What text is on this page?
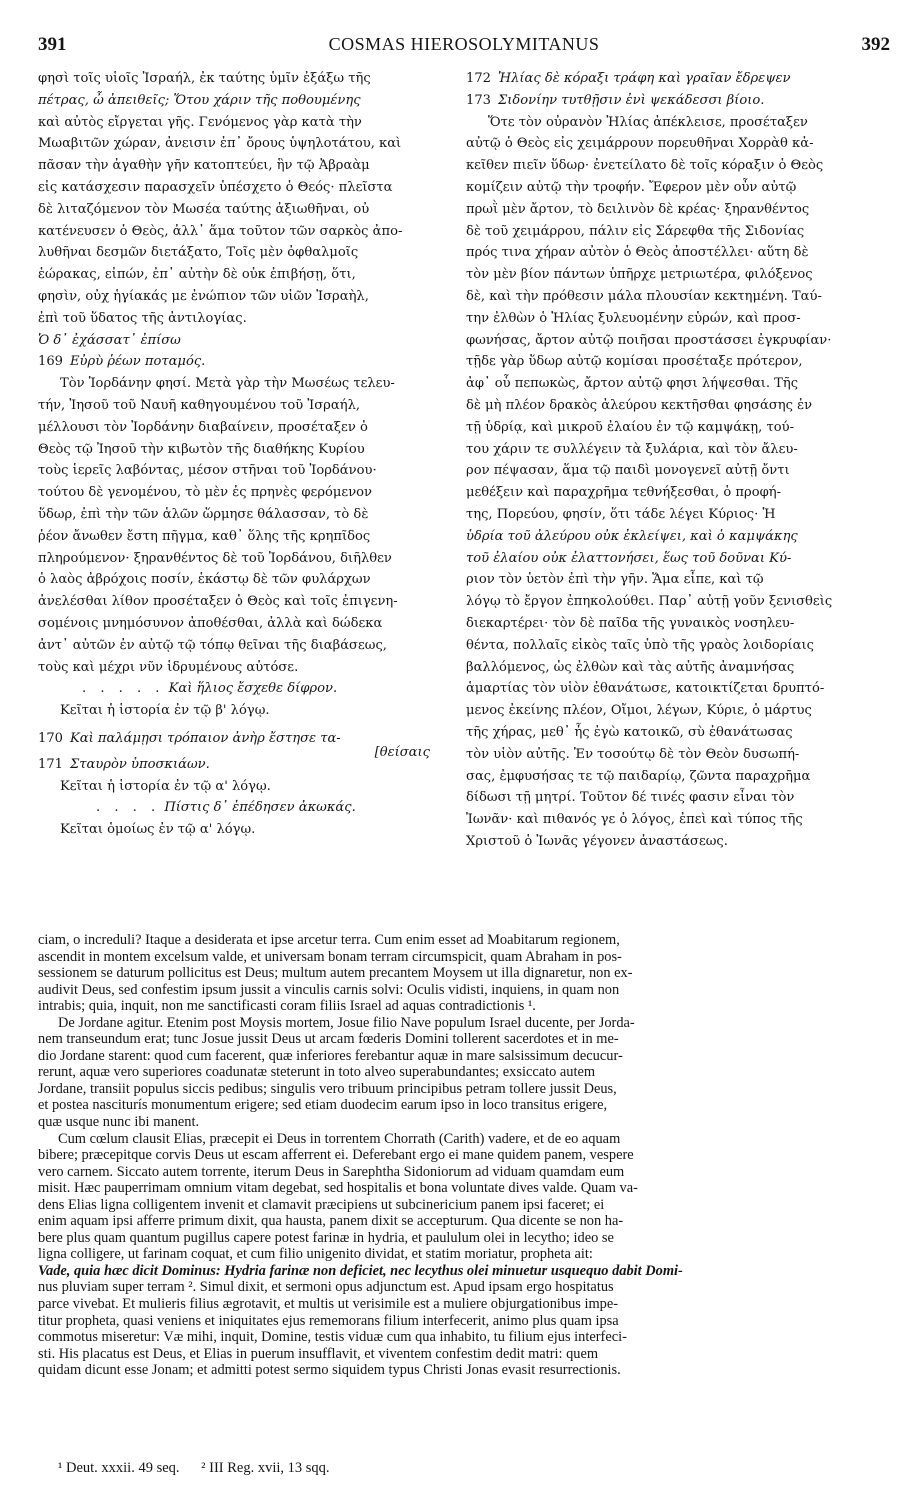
391	COSMAS HIEROSOLYMITANUS	392

φησὶ τοῖς υἱοῖς Ἰσραήλ, ἐκ ταύτης ὑμῖν ἐξάξω τῆς

πέτρας, ὦ ἀπειθεῖς; Ὅτου χάριν τῆς ποθουμένης

καὶ αὐτὸς εἴργεται γῆς. Γενόμενος γὰρ κατὰ τὴν

Μωαβιτῶν χώραν, ἀνεισιν ἐπ᾽ ὄρους ὑψηλοτάτου, καὶ

πᾶσαν τὴν ἀγαθὴν γῆν κατοπτεύει, ἣν τῷ Ἀβραὰμ

εἰς κατάσχεσιν παρασχεῖν ὑπέσχετο ὁ Θεός· πλεῖστα

δὲ λιταζόμενον τὸν Μωσέα ταύτης ἀξιωθῆναι, οὐ

κατένευσεν ὁ Θεὸς, ἀλλ᾽ ἅμα τοῦτον τῶν σαρκὸς ἀπο-

λυθῆναι δεσμῶν διετάξατο, Τοῖς μὲν ὀφθαλμοῖς

ἑώρακας, εἰπών, ἐπ᾽ αὐτὴν δὲ οὐκ ἐπιβήσῃ, ὅτι,

φησὶν, οὐχ ἡγίακάς με ἐνώπιον τῶν υἱῶν Ἰσραὴλ,

ἐπὶ τοῦ ὕδατος τῆς ἀντιλογίας.

Ὁ δ᾽ ἐχάσσατ᾽ ἐπίσω

169 Εὐρὺ ῥέων ποταμός.

Τὸν Ἰορδάνην φησί. Μετὰ γὰρ τὴν Μωσέως τελευ-

τήν, Ἰησοῦ τοῦ Ναυῆ καθηγουμένου τοῦ Ἰσραήλ,

μέλλουσι τὸν Ἰορδάνην διαβαίνειν, προσέταξεν ὁ

Θεὸς τῷ Ἰησοῦ τὴν κιβωτὸν τῆς διαθήκης Κυρίου

τοὺς ἱερεῖς λαβόντας, μέσον στῆναι τοῦ Ἰορδάνου·

τούτου δὲ γενομένου, τὸ μὲν ἐς πρηνὲς φερόμενον

ὕδωρ, ἐπὶ τὴν τῶν ἁλῶν ὥρμησε θάλασσαν, τὸ δὲ

ῥέον ἄνωθεν ἔστη πῆγμα, καθ᾽ ὅλης τῆς κρηπῖδος

πληρούμενον· ξηρανθέντος δὲ τοῦ Ἰορδάνου, διῆλθεν

ὁ λαὸς ἀβρόχοις ποσίν, ἑκάστῳ δὲ τῶν φυλάρχων

ἀνελέσθαι λίθον προσέταξεν ὁ Θεὸς καὶ τοῖς ἐπιγενη-

σομένοις μνημόσυνον ἀποθέσθαι, ἀλλὰ καὶ δώδεκα

ἀντ᾽ αὐτῶν ἐν αὐτῷ τῷ τόπῳ θεῖναι τῆς διαβάσεως,

τοὺς καὶ μέχρι νῦν ἱδρυμένους αὐτόσε.

. . . . . Καὶ ἥλιος ἔσχεθε δίφρον.

Κεῖται ἡ ἱστορία ἐν τῷ β' λόγῳ.

170 Καὶ παλάμῃσι τρόπαιον ἀνὴρ ἔστησε τα-
[θείσαις
171 Σταυρὸν ὑποσκιάων.

Κεῖται ἡ ἱστορία ἐν τῷ α' λόγῳ.

. . . . Πίστις δ᾽ ἐπέδησεν ἀκωκάς.

Κεῖται ὁμοίως ἐν τῷ α' λόγῳ.

172 Ἠλίας δὲ κόραξι τράφη καὶ γραῖαν ἔδρεψεν
173 Σιδονίην τυτθῇσιν ἐνὶ ψεκάδεσσι βίοιο.

Ὅτε τὸν οὐρανὸν Ἠλίας ἀπέκλεισε, προσέταξεν

αὐτῷ ὁ Θεὸς εἰς χειμάρρουν πορευθῆναι Χορρὰθ κἀ-

κεῖθεν πιεῖν ὕδωρ· ἐνετείλατο δὲ τοῖς κόραξιν ὁ Θεὸς

κομίζειν αὐτῷ τὴν τροφήν. Ἔφερον μὲν οὖν αὐτῷ

πρωῒ μὲν ἄρτον, τὸ δειλινὸν δὲ κρέας· ξηρανθέντος

δὲ τοῦ χειμάρρου, πάλιν εἰς Σάρεφθα τῆς Σιδονίας

πρός τινα χήραν αὐτὸν ὁ Θεὸς ἀποστέλλει· αὕτη δὲ

τὸν μὲν βίον πάντων ὑπῆρχε μετριωτέρα, φιλόξενος

δὲ, καὶ τὴν πρόθεσιν μάλα πλουσίαν κεκτημένη. Ταύ-

την ἐλθὼν ὁ Ἠλίας ξυλευομένην εὑρών, καὶ προσ-

φωνήσας, ἄρτον αὐτῷ ποιῆσαι προστάσσει ἐγκρυφίαν·

τῇδε γὰρ ὕδωρ αὐτῷ κομίσαι προσέταξε πρότερον,

ἀφ᾽ οὗ πεπωκὼς, ἄρτον αὐτῷ φησι λήψεσθαι. Τῆς

δὲ μὴ πλέον δρακὸς ἀλεύρου κεκτῆσθαι φησάσης ἐν

τῇ ὑδρίᾳ, καὶ μικροῦ ἐλαίου ἐν τῷ καμψάκῃ, τού-

του χάριν τε συλλέγειν τὰ ξυλάρια, καὶ τὸν ἄλευ-

ρον πέψασαν, ἅμα τῷ παιδὶ μονογενεῖ αὐτῇ ὄντι

μεθέξειν καὶ παραχρῆμα τεθνήξεσθαι, ὁ προφή-

της, Πορεύου, φησίν, ὅτι τάδε λέγει Κύριος· Ἡ

ὑδρία τοῦ ἀλεύρου οὐκ ἐκλείψει, καὶ ὁ καμψάκης

τοῦ ἐλαίου οὐκ ἐλαττονήσει, ἕως τοῦ δοῦναι Κύ-

ριον τὸν ὑετὸν ἐπὶ τὴν γῆν. Ἅμα εἶπε, καὶ τῷ

λόγῳ τὸ ἔργον ἐπηκολούθει. Παρ᾽ αὐτῇ γοῦν ξενισθεὶς

διεκαρτέρει· τὸν δὲ παῖδα τῆς γυναικὸς νοσηλευ-

θέντα, πολλαῖς εἰκὸς ταῖς ὑπὸ τῆς γραὸς λοιδορίαις

βαλλόμενος, ὡς ἐλθὼν καὶ τὰς αὐτῆς ἀναμνήσας

ἁμαρτίας τὸν υἱὸν ἐθανάτωσε, κατοικτίζεται δρυπτό-

μενος ἐκείνης πλέον, Οἴμοι, λέγων, Κύριε, ὁ μάρτυς

τῆς χήρας, μεθ᾽ ἧς ἐγὼ κατοικῶ, σὺ ἐθανάτωσας

τὸν υἱὸν αὐτῆς. Ἐν τοσούτῳ δὲ τὸν Θεὸν δυσωπή-

σας, ἐμφυσήσας τε τῷ παιδαρίῳ, ζῶντα παραχρῆμα

δίδωσι τῇ μητρί. Τοῦτον δέ τινές φασιν εἶναι τὸν

Ἰωνᾶν· καὶ πιθανός γε ὁ λόγος, ἐπεὶ καὶ τύπος τῆς

Χριστοῦ ὁ Ἰωνᾶς γέγονεν ἀναστάσεως.

ciam, o increduli? Itaque a desiderata et ipse arcetur terra. Cum enim esset ad Moabitarum regionem,

ascendit in montem excelsum valde, et universam bonam terram circumspicit, quam Abraham in pos-

sessionem se daturum pollicitus est Deus; multum autem precantem Moysem ut illa dignaretur, non ex-

audivit Deus, sed confestim ipsum jussit a vinculis carnis solvi: Oculis vidisti, inquiens, in quam non

intrabis; quia, inquit, non me sanctificasti coram filiis Israel ad aquas contradictionis ¹.

De Jordane agitur. Etenim post Moysis mortem, Josue filio Nave populum Israel ducente, per Jorda-

nem transeundum erat; tunc Josue jussit Deus ut arcam fœderis Domini tollerent sacerdotes et in me-

dio Jordane starent: quod cum facerent, quæ inferiores ferebantur aquæ in mare salsissimum decucur-

rerunt, aquæ vero superiores coadunatæ steterunt in toto alveo superabundantes; exsiccato autem

Jordane, transiit populus siccis pedibus; singulis vero tribuum principibus petram tollere jussit Deus,

et postea nasciturís monumentum erigere; sed etiam duodecim earum ipso in loco transitus erigere,

quæ usque nunc ibi manent.

Cum cœlum clausit Elias, præcepit ei Deus in torrentem Chorrath (Carith) vadere, et de eo aquam

bibere; præcepitque corvis Deus ut escam afferrent ei. Deferebant ergo ei mane quidem panem, vespere

vero carnem. Siccato autem torrente, iterum Deus in Sarephtha Sidoniorum ad viduam quamdam eum

misit. Hæc pauperrimam omnium vitam degebat, sed hospitalis et bona voluntate dives valde. Quam va-

dens Elias ligna colligentem invenit et clamavit præcipiens ut subcinericium panem ipsi faceret; ei

enim aquam ipsi afferre primum dixit, qua hausta, panem dixit se accepturum. Qua dicente se non ha-

bere plus quam quantum pugillus capere potest farinæ in hydria, et paululum olei in lecytho; ideo se

ligna colligere, ut farinam coquat, et cum filio unigenito dividat, et statim moriatur, propheta ait:

Vade, quia hæc dicit Dominus: Hydria farinæ non deficiet, nec lecythus olei minuetur usquequo dabit Domi-

nus pluviam super terram ². Simul dixit, et sermoni opus adjunctum est. Apud ipsam ergo hospitatus

parce vivebat. Et mulieris filius ægrotavit, et multis ut verisimile est a muliere objurgationibus impe-

titur propheta, quasi veniens et iniquitates ejus rememorans filium interfecerit, animo plus quam ipsa

commotus miseretur: Væ mihi, inquit, Domine, testis viduæ cum qua inhabito, tu filium ejus interfeci-

sti. His placatus est Deus, et Elias in puerum insufflavit, et viventem confestim dedit matri: quem

quidam dicunt esse Jonam; et admitti potest sermo siquidem typus Christi Jonas evasit resurrectionis.

¹ Deut. xxxii. 49 seq. ² III Reg. xvii, 13 sqq.
